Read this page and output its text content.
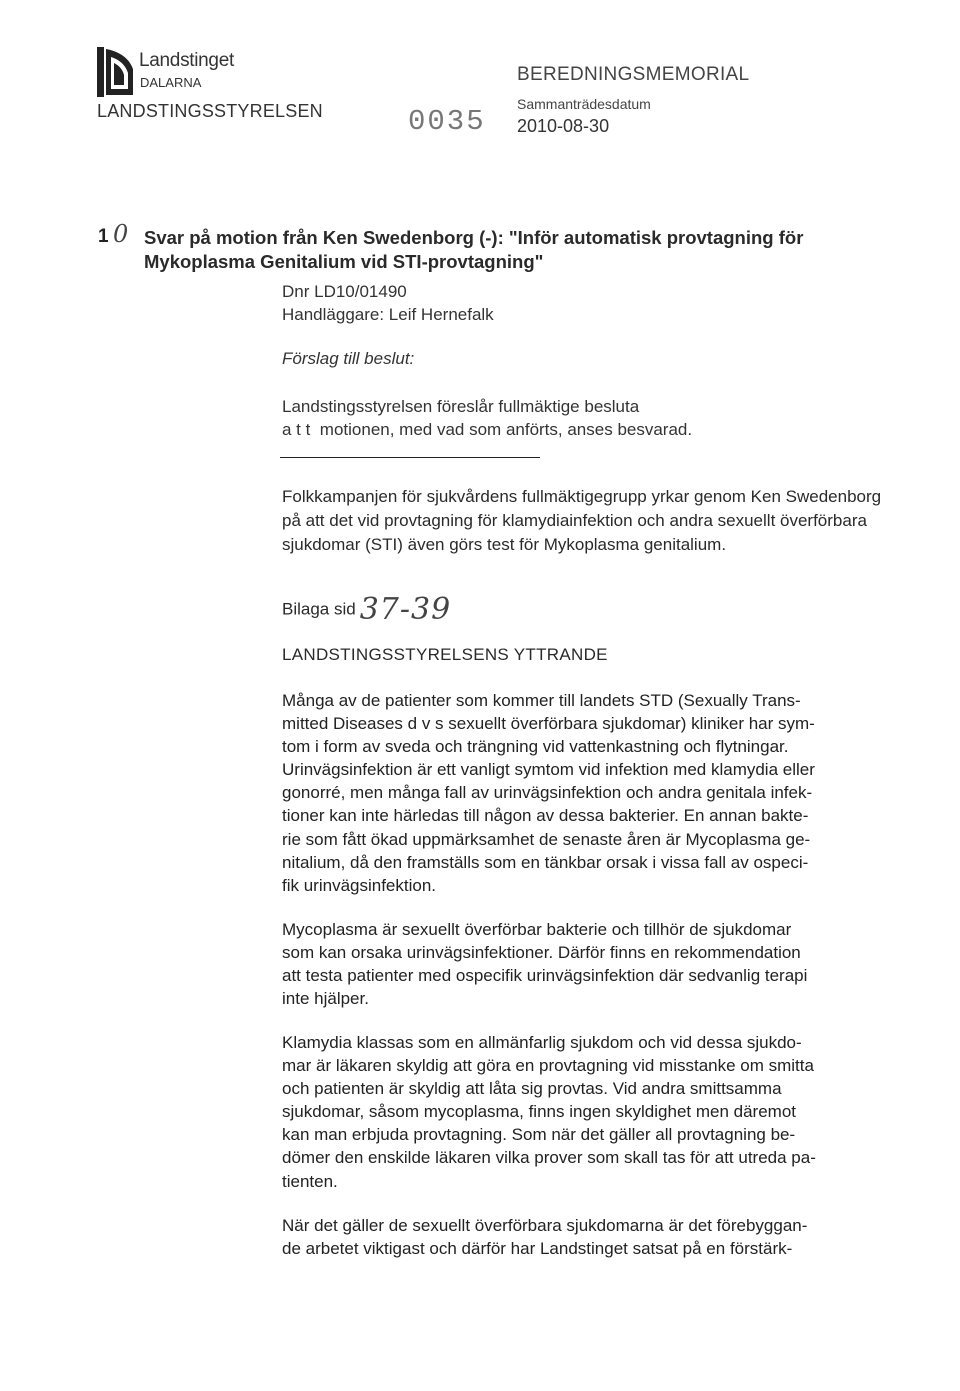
Landstinget
DALARNA
LANDSTINGSSTYRELSEN	0035
BEREDNINGSMEMORIAL
Sammanträdesdatum
2010-08-30
1 0 Svar på motion från Ken Swedenborg (-): "Inför automatisk provtagning för Mykoplasma Genitalium vid STI-provtagning"
Dnr LD10/01490
Handläggare: Leif Hernefalk
Förslag till beslut:
Landstingsstyrelsen föreslår fullmäktige besluta
a t t  motionen, med vad som anförts, anses besvarad.

Folkkampanjen för sjukvårdens fullmäktigegrupp yrkar genom Ken Swedenborg på att det vid provtagning för klamydiainfektion och andra sexuellt överförbara sjukdomar (STI) även görs test för Mykoplasma genitalium.

Bilaga sid 37-39
LANDSTINGSSTYRELSENS YTTRANDE

Många av de patienter som kommer till landets STD (Sexually Trans-
mitted Diseases d v s sexuellt överförbara sjukdomar) kliniker har sym-
tom i form av sveda och trängning vid vattenkastning och flytningar.
Urinvägsinfektion är ett vanligt symtom vid infektion med klamydia eller
gonorré, men många fall av urinvägsinfektion och andra genitala infek-
tioner kan inte härledas till någon av dessa bakterier. En annan bakte-
rie som fått ökad uppmärksamhet de senaste åren är Mycoplasma ge-
nitalium, då den framställs som en tänkbar orsak i vissa fall av ospeci-
fik urinvägsinfektion.

Mycoplasma är sexuellt överförbar bakterie och tillhör de sjukdomar
som kan orsaka urinvägsinfektioner. Därför finns en rekommendation
att testa patienter med ospecifik urinvägsinfektion där sedvanlig terapi
inte hjälper.

Klamydia klassas som en allmänfarlig sjukdom och vid dessa sjukdo-
mar är läkaren skyldig att göra en provtagning vid misstanke om smitta
och patienten är skyldig att låta sig provtas. Vid andra smittsamma
sjukdomar, såsom mycoplasma, finns ingen skyldighet men däremot
kan man erbjuda provtagning. Som när det gäller all provtagning be-
dömer den enskilde läkaren vilka prover som skall tas för att utreda pa-
tienten.

När det gäller de sexuellt överförbara sjukdomarna är det förebyggan-
de arbetet viktigast och därför har Landstinget satsat på en förstärk-
